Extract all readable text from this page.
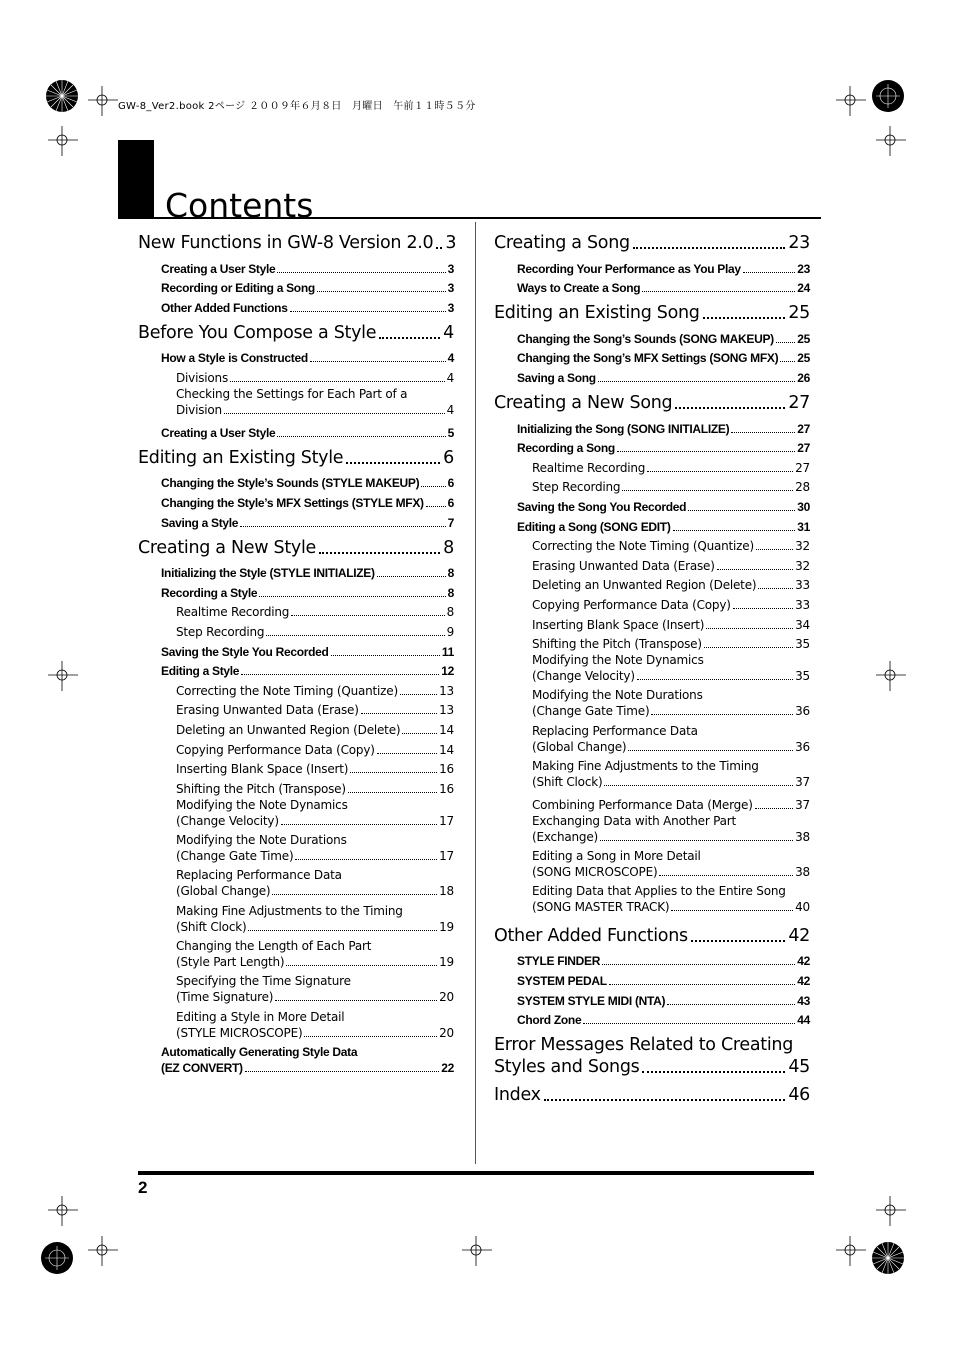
GW-8_Ver2.book 2ページ ２００９年６月８日　月曜日　午前１１時５５分
Contents
New Functions in GW-8 Version 2.0 3
Creating a User Style	3
Recording or Editing a Song	3
Other Added Functions	3
Before You Compose a Style	4
How a Style is Constructed	4
Divisions	4
Checking the Settings for Each Part of a
Division	4
Creating a User Style	5
Editing an Existing Style	6
Changing the Style’s Sounds (STYLE MAKEUP) 6
Changing the Style’s MFX Settings (STYLE MFX) 6
Saving a Style	7
Creating a New Style	8
Initializing the Style (STYLE INITIALIZE)	8
Recording a Style	8
Realtime Recording	8
Step Recording	9
Saving the Style You Recorded	11
Editing a Style	12
Correcting the Note Timing (Quantize)	13
Erasing Unwanted Data (Erase)	13
Deleting an Unwanted Region (Delete)	14
Copying Performance Data (Copy)	14
Inserting Blank Space (Insert)	16
Shifting the Pitch (Transpose)	16
Modifying the Note Dynamics
(Change Velocity)	17
Modifying the Note Durations
(Change Gate Time)	17
Replacing Performance Data
(Global Change)	18
Making Fine Adjustments to the Timing
(Shift Clock)	19
Changing the Length of Each Part
(Style Part Length)	19
Specifying the Time Signature
(Time Signature)	20
Editing a Style in More Detail
(STYLE MICROSCOPE)	20
Automatically Generating Style Data
(EZ CONVERT)	22
Creating a Song	23
Recording Your Performance as You Play	23
Ways to Create a Song	24
Editing an Existing Song	25
Changing the Song’s Sounds (SONG MAKEUP) 25
Changing the Song’s MFX Settings (SONG MFX) 25
Saving a Song	26
Creating a New Song	27
Initializing the Song (SONG INITIALIZE)	27
Recording a Song	27
Realtime Recording	27
Step Recording	28
Saving the Song You Recorded	30
Editing a Song (SONG EDIT)	31
Correcting the Note Timing (Quantize)	32
Erasing Unwanted Data (Erase)	32
Deleting an Unwanted Region (Delete)	33
Copying Performance Data (Copy)	33
Inserting Blank Space (Insert)	34
Shifting the Pitch (Transpose)	35
Modifying the Note Dynamics
(Change Velocity)	35
Modifying the Note Durations
(Change Gate Time)	36
Replacing Performance Data
(Global Change)	36
Making Fine Adjustments to the Timing
(Shift Clock)	37
Combining Performance Data (Merge)	37
Exchanging Data with Another Part
(Exchange)	38
Editing a Song in More Detail
(SONG MICROSCOPE)	38
Editing Data that Applies to the Entire Song
(SONG MASTER TRACK)	40
Other Added Functions	42
STYLE FINDER	42
SYSTEM PEDAL	42
SYSTEM STYLE MIDI (NTA)	43
Chord Zone	44
Error Messages Related to Creating
Styles and Songs	45
Index	46
2
